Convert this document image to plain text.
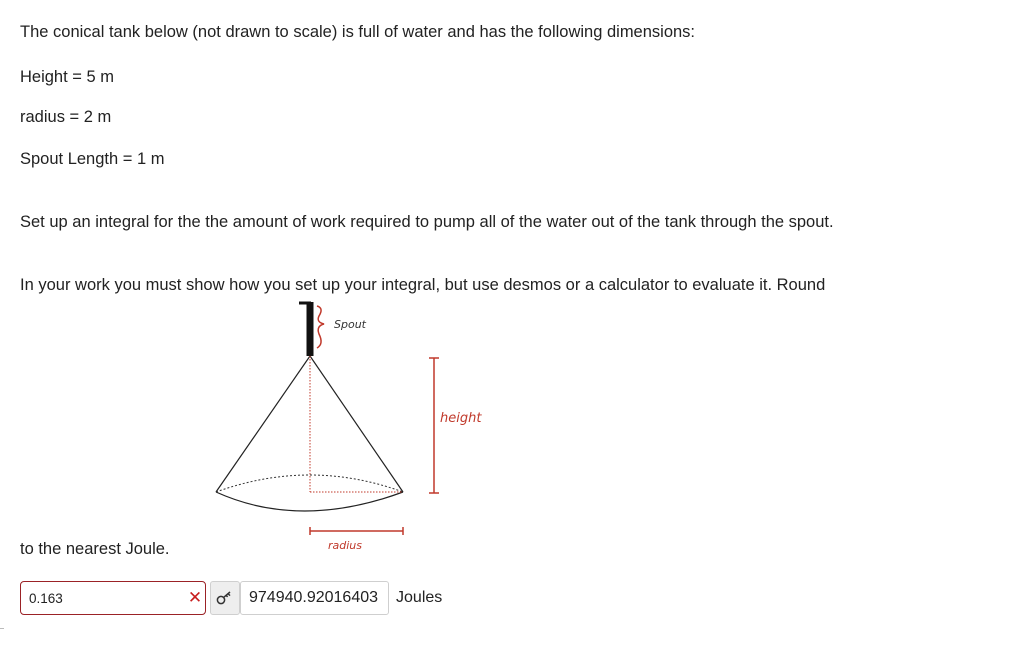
The conical tank below (not drawn to scale) is full of water and has the following dimensions:

Height = 5 m

radius = 2 m

Spout Length = 1 m

Set up an integral for the the amount of work required to pump all of the water out of the tank through the spout.

In your work you must show how you set up your integral, but use desmos or a calculator to evaluate it. Round

Spout
height
radius

to the nearest Joule.

0.163	✕	974940.92016403	Joules
